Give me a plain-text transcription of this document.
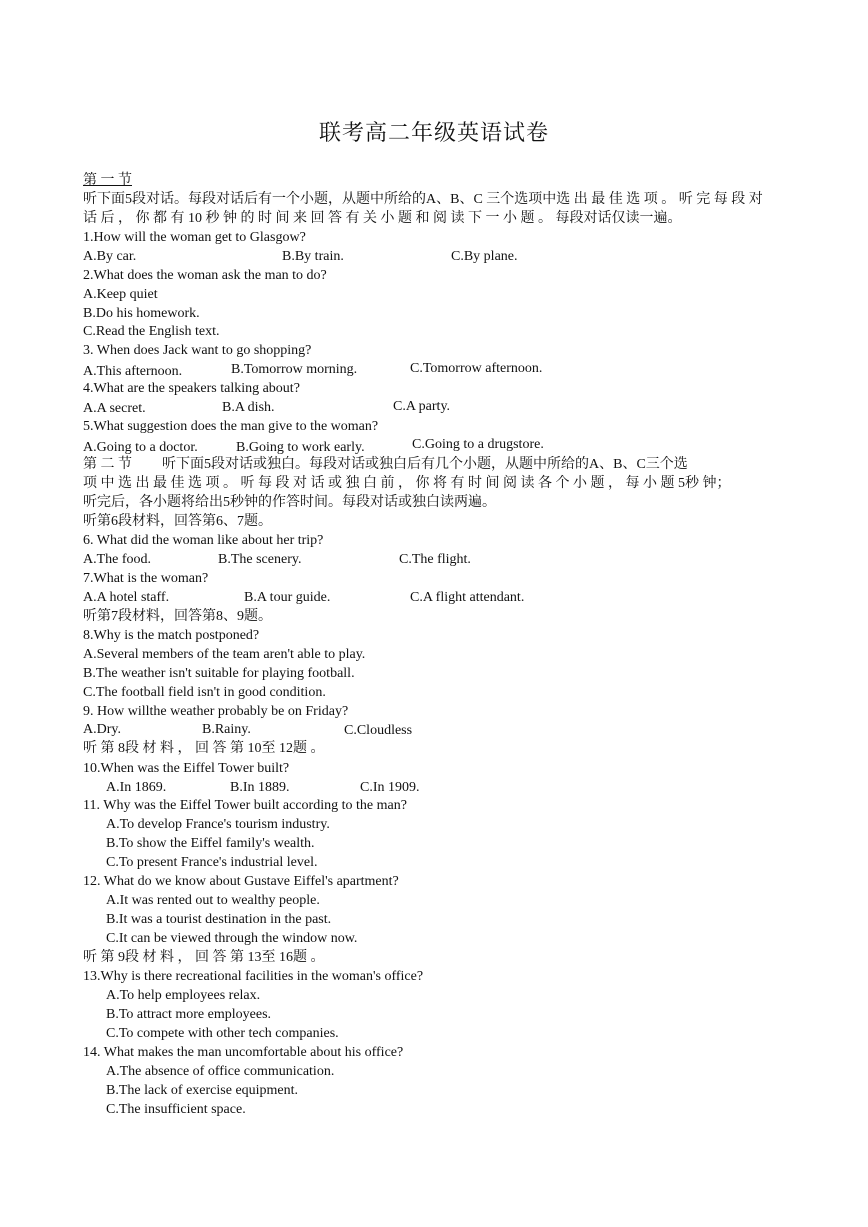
联考高二年级英语试卷
第 一 节
听下面5段对话。每段对话后有一个小题，从题中所给的A、B、C 三个选项中选 出 最 佳 选 项 。 听 完 每 段 对
话 后 ， 你 都 有 10 秒 钟 的 时 间 来 回 答 有 关 小 题 和 阅 读 下 一 小 题 。 每段对话仅读一遍。
1.How will the woman get to Glasgow?
A.By car.	B.By train.	C.By plane.
2.What does the woman ask the man to do?
A.Keep quiet
B.Do his homework.
C.Read the English text.
3. When does Jack want to go shopping?
A.This afternoon.	B.Tomorrow morning.	C.Tomorrow afternoon.
4.What are the speakers talking about?
A.A secret.	B.A dish.	C.A party.
5.What suggestion does the man give to the woman?
A.Going to a doctor.	B.Going to work early.	C.Going to a drugstore.
第 二 节 听下面5段对话或独白。每段对话或独白后有几个小题，从题中所给的A、B、C三个选
项 中 选 出 最 佳 选 项 。 听 每 段 对 话 或 独 白 前 ， 你 将 有 时 间 阅 读 各 个 小 题 ， 每 小 题 5秒 钟；
听完后，各小题将给出5秒钟的作答时间。每段对话或独白读两遍。
听第6段材料，回答第6、7题。
6. What did the woman like about her trip?
A.The food.	B.The scenery.	C.The flight.
7.What is the woman?
A.A hotel staff.	B.A tour guide.	C.A flight attendant.
听第7段材料，回答第8、9题。
8.Why is the match postponed?
A.Several members of the team aren't able to play.
B.The weather isn't suitable for playing football.
C.The football field isn't in good condition.
9. How willthe weather probably be on Friday?
A.Dry.	B.Rainy.	C.Cloudless
听 第 8段 材 料 ， 回 答 第 10至 12题 。
10.When was the Eiffel Tower built?
A.In 1869.	B.In 1889.	C.In 1909.
11. Why was the Eiffel Tower built according to the man?
A.To develop France's tourism industry.
B.To show the Eiffel family's wealth.
C.To present France's industrial level.
12. What do we know about Gustave Eiffel's apartment?
A.It was rented out to wealthy people.
B.It was a tourist destination in the past.
C.It can be viewed through the window now.
听 第 9段 材 料 ， 回 答 第 13至 16题 。
13.Why is there recreational facilities in the woman's office?
A.To help employees relax.
B.To attract more employees.
C.To compete with other tech companies.
14. What makes the man uncomfortable about his office?
A.The absence of office communication.
B.The lack of exercise equipment.
C.The insufficient space.
